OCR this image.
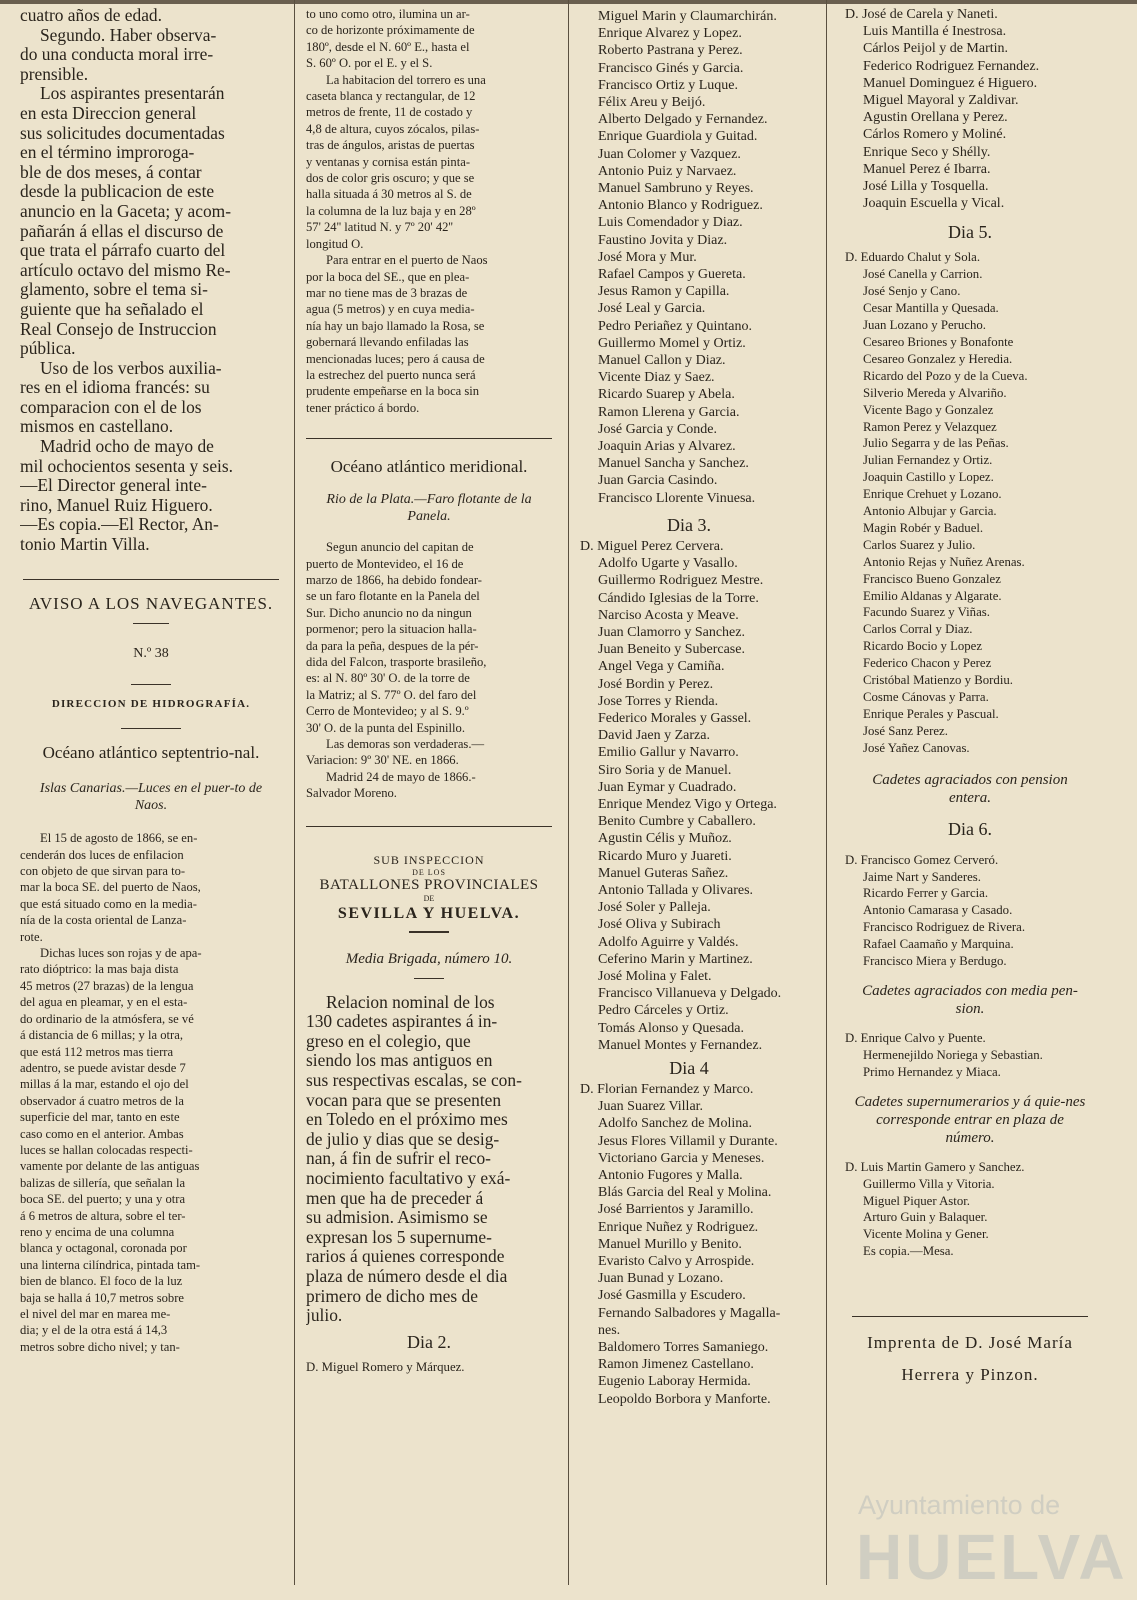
cuatro años de edad.

Segundo. Haber observa-

do una conducta moral irre-

prensible.

Los aspirantes presentarán

en esta Direccion general

sus solicitudes documentadas

en el término improroga-

ble de dos meses, á contar

desde la publicacion de este

anuncio en la Gaceta; y acom-

pañarán á ellas el discurso de

que trata el párrafo cuarto del

artículo octavo del mismo Re-

glamento, sobre el tema si-

guiente que ha señalado el

Real Consejo de Instruccion

pública.

Uso de los verbos auxilia-

res en el idioma francés: su

comparacion con el de los

mismos en castellano.

Madrid ocho de mayo de

mil ochocientos sesenta y seis.

—El Director general inte-

rino, Manuel Ruiz Higuero.

—Es copia.—El Rector, An-

tonio Martin Villa.

AVISO A LOS NAVEGANTES.

N.º 38

DIRECCION DE HIDROGRAFÍA.

Océano atlántico septentrio-nal.

Islas Canarias.—Luces en el puer-to de Naos.

El 15 de agosto de 1866, se en-

cenderán dos luces de enfilacion

con objeto de que sirvan para to-

mar la boca SE. del puerto de Naos,

que está situado como en la media-

nía de la costa oriental de Lanza-

rote.

Dichas luces son rojas y de apa-

rato dióptrico: la mas baja dista

45 metros (27 brazas) de la lengua

del agua en pleamar, y en el esta-

do ordinario de la atmósfera, se vé

á distancia de 6 millas; y la otra,

que está 112 metros mas tierra

adentro, se puede avistar desde 7

millas á la mar, estando el ojo del

observador á cuatro metros de la

superficie del mar, tanto en este

caso como en el anterior. Ambas

luces se hallan colocadas respecti-

vamente por delante de las antiguas

balizas de sillería, que señalan la

boca SE. del puerto; y una y otra

á 6 metros de altura, sobre el ter-

reno y encima de una columna

blanca y octagonal, coronada por

una linterna cilíndrica, pintada tam-

bien de blanco. El foco de la luz

baja se halla á 10,7 metros sobre

el nivel del mar en marea me-

dia; y el de la otra está á 14,3

metros sobre dicho nivel; y tan-

to uno como otro, ilumina un ar-

co de horizonte próximamente de

180º, desde el N. 60º E., hasta el

S. 60º O. por el E. y el S.

La habitacion del torrero es una

caseta blanca y rectangular, de 12

metros de frente, 11 de costado y

4,8 de altura, cuyos zócalos, pilas-

tras de ángulos, aristas de puertas

y ventanas y cornisa están pinta-

dos de color gris oscuro; y que se

halla situada á 30 metros al S. de

la columna de la luz baja y en 28º

57' 24'' latitud N. y 7º 20' 42''

longitud O.

Para entrar en el puerto de Naos

por la boca del SE., que en plea-

mar no tiene mas de 3 brazas de

agua (5 metros) y en cuya media-

nía hay un bajo llamado la Rosa, se

gobernará llevando enfiladas las

mencionadas luces; pero á causa de

la estrechez del puerto nunca será

prudente empeñarse en la boca sin

tener práctico á bordo.

Océano atlántico meridional.

Rio de la Plata.—Faro flotante de la Panela.

Segun anuncio del capitan de

puerto de Montevideo, el 16 de

marzo de 1866, ha debido fondear-

se un faro flotante en la Panela del

Sur. Dicho anuncio no da ningun

pormenor; pero la situacion halla-

da para la peña, despues de la pér-

dida del Falcon, trasporte brasileño,

es: al N. 80º 30' O. de la torre de

la Matriz; al S. 77º O. del faro del

Cerro de Montevideo; y al S. 9.º

30' O. de la punta del Espinillo.

Las demoras son verdaderas.—

Variacion: 9º 30' NE. en 1866.

Madrid 24 de mayo de 1866.-

Salvador Moreno.

SUB INSPECCION

DE LOS

BATALLONES PROVINCIALES

DE

SEVILLA Y HUELVA.

Media Brigada, número 10.

Relacion nominal de los

130 cadetes aspirantes á in-

greso en el colegio, que

siendo los mas antiguos en

sus respectivas escalas, se con-

vocan para que se presenten

en Toledo en el próximo mes

de julio y dias que se desig-

nan, á fin de sufrir el reco-

nocimiento facultativo y exá-

men que ha de preceder á

su admision. Asimismo se

expresan los 5 supernume-

rarios á quienes corresponde

plaza de número desde el dia

primero de dicho mes de

julio.

Dia 2.

D. Miguel Romero y Márquez.

Miguel Marin y Claumarchirán.

Enrique Alvarez y Lopez.

Roberto Pastrana y Perez.

Francisco Ginés y Garcia.

Francisco Ortiz y Luque.

Félix Areu y Beijó.

Alberto Delgado y Fernandez.

Enrique Guardiola y Guitad.

Juan Colomer y Vazquez.

Antonio Puiz y Narvaez.

Manuel Sambruno y Reyes.

Antonio Blanco y Rodriguez.

Luis Comendador y Diaz.

Faustino Jovita y Diaz.

José Mora y Mur.

Rafael Campos y Guereta.

Jesus Ramon y Capilla.

José Leal y Garcia.

Pedro Periañez y Quintano.

Guillermo Momel y Ortiz.

Manuel Callon y Diaz.

Vicente Diaz y Saez.

Ricardo Suarep y Abela.

Ramon Llerena y Garcia.

José Garcia y Conde.

Joaquin Arias y Alvarez.

Manuel Sancha y Sanchez.

Juan Garcia Casindo.

Francisco Llorente Vinuesa.

Dia 3.

D. Miguel Perez Cervera.

Adolfo Ugarte y Vasallo.

Guillermo Rodriguez Mestre.

Cándido Iglesias de la Torre.

Narciso Acosta y Meave.

Juan Clamorro y Sanchez.

Juan Beneito y Subercase.

Angel Vega y Camiña.

José Bordin y Perez.

Jose Torres y Rienda.

Federico Morales y Gassel.

David Jaen y Zarza.

Emilio Gallur y Navarro.

Siro Soria y de Manuel.

Juan Eymar y Cuadrado.

Enrique Mendez Vigo y Ortega.

Benito Cumbre y Caballero.

Agustin Célis y Muñoz.

Ricardo Muro y Juareti.

Manuel Guteras Sañez.

Antonio Tallada y Olivares.

José Soler y Palleja.

José Oliva y Subirach

Adolfo Aguirre y Valdés.

Ceferino Marin y Martinez.

José Molina y Falet.

Francisco Villanueva y Delgado.

Pedro Cárceles y Ortiz.

Tomás Alonso y Quesada.

Manuel Montes y Fernandez.

Dia 4

D. Florian Fernandez y Marco.

Juan Suarez Villar.

Adolfo Sanchez de Molina.

Jesus Flores Villamil y Durante.

Victoriano Garcia y Meneses.

Antonio Fugores y Malla.

Blás Garcia del Real y Molina.

José Barrientos y Jaramillo.

Enrique Nuñez y Rodriguez.

Manuel Murillo y Benito.

Evaristo Calvo y Arrospide.

Juan Bunad y Lozano.

José Gasmilla y Escudero.

Fernando Salbadores y Magalla-

nes.

Baldomero Torres Samaniego.

Ramon Jimenez Castellano.

Eugenio Laboray Hermida.

Leopoldo Borbora y Manforte.

D. José de Carela y Naneti.

Luis Mantilla é Inestrosa.

Cárlos Peijol y de Martin.

Federico Rodriguez Fernandez.

Manuel Dominguez é Higuero.

Miguel Mayoral y Zaldivar.

Agustin Orellana y Perez.

Cárlos Romero y Moliné.

Enrique Seco y Shélly.

Manuel Perez é Ibarra.

José Lilla y Tosquella.

Joaquin Escuella y Vical.

Dia 5.

D. Eduardo Chalut y Sola.

José Canella y Carrion.

José Senjo y Cano.

Cesar Mantilla y Quesada.

Juan Lozano y Perucho.

Cesareo Briones y Bonafonte

Cesareo Gonzalez y Heredia.

Ricardo del Pozo y de la Cueva.

Silverio Mereda y Alvariño.

Vicente Bago y Gonzalez

Ramon Perez y Velazquez

Julio Segarra y de las Peñas.

Julian Fernandez y Ortiz.

Joaquin Castillo y Lopez.

Enrique Crehuet y Lozano.

Antonio Albujar y Garcia.

Magin Robér y Baduel.

Carlos Suarez y Julio.

Antonio Rejas y Nuñez Arenas.

Francisco Bueno Gonzalez

Emilio Aldanas y Algarate.

Facundo Suarez y Viñas.

Carlos Corral y Diaz.

Ricardo Bocio y Lopez

Federico Chacon y Perez

Cristóbal Matienzo y Bordiu.

Cosme Cánovas y Parra.

Enrique Perales y Pascual.

José Sanz Perez.

José Yañez Canovas.

Cadetes agraciados con pension entera.

Dia 6.

D. Francisco Gomez Cerveró.

Jaime Nart y Sanderes.

Ricardo Ferrer y Garcia.

Antonio Camarasa y Casado.

Francisco Rodriguez de Rivera.

Rafael Caamaño y Marquina.

Francisco Miera y Berdugo.

Cadetes agraciados con media pen-sion.

D. Enrique Calvo y Puente.

Hermenejildo Noriega y Sebastian.

Primo Hernandez y Miaca.

Cadetes supernumerarios y á quie-nes corresponde entrar en plaza de número.

D. Luis Martin Gamero y Sanchez.

Guillermo Villa y Vitoria.

Miguel Piquer Astor.

Arturo Guin y Balaquer.

Vicente Molina y Gener.

Es copia.—Mesa.

Imprenta de D. José María

Herrera y Pinzon.

Ayuntamiento de
HUELVA
